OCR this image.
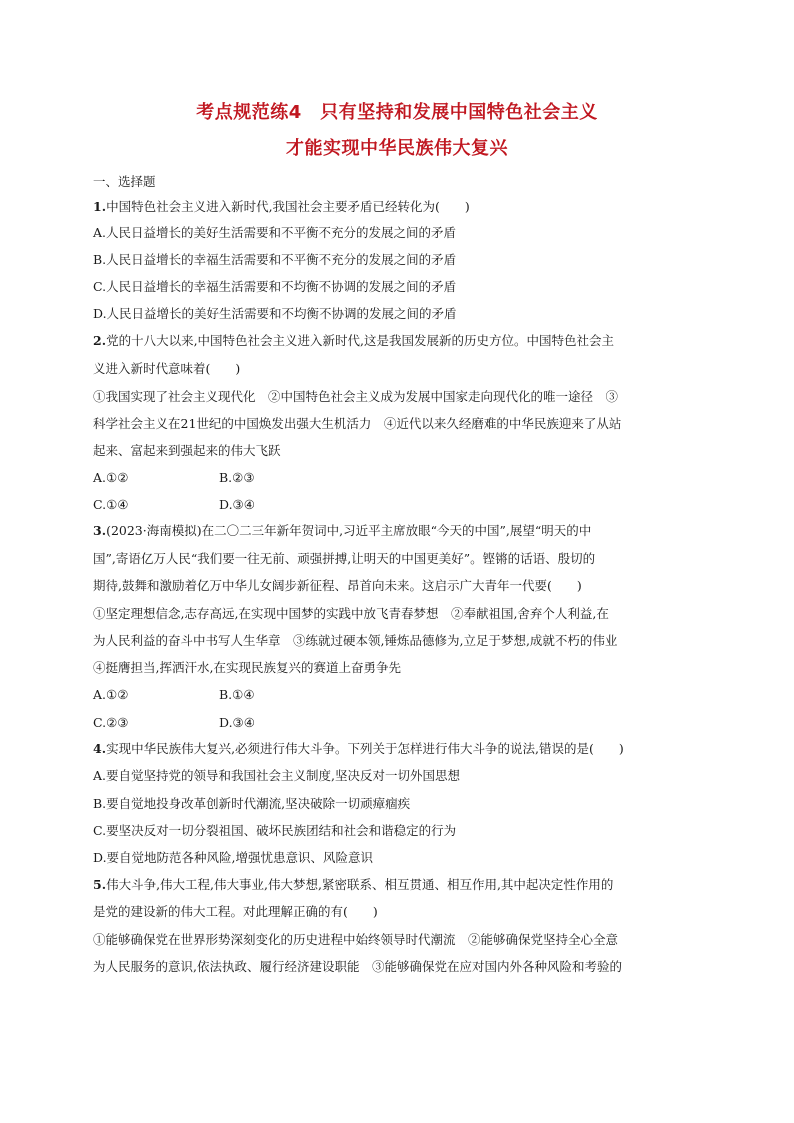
考点规范练4　只有坚持和发展中国特色社会主义
才能实现中华民族伟大复兴
一、选择题
1.中国特色社会主义进入新时代,我国社会主要矛盾已经转化为(　　)
A.人民日益增长的美好生活需要和不平衡不充分的发展之间的矛盾
B.人民日益增长的幸福生活需要和不平衡不充分的发展之间的矛盾
C.人民日益增长的幸福生活需要和不均衡不协调的发展之间的矛盾
D.人民日益增长的美好生活需要和不均衡不协调的发展之间的矛盾
2.党的十八大以来,中国特色社会主义进入新时代,这是我国发展新的历史方位。中国特色社会主
义进入新时代意味着(　　)
①我国实现了社会主义现代化　②中国特色社会主义成为发展中国家走向现代化的唯一途径　③
科学社会主义在21世纪的中国焕发出强大生机活力　④近代以来久经磨难的中华民族迎来了从站
起来、富起来到强起来的伟大飞跃
A.①②	B.②③
C.①④	D.③④
3.(2023·海南模拟)在二〇二三年新年贺词中,习近平主席放眼“今天的中国”,展望“明天的中
国”,寄语亿万人民“我们要一往无前、顽强拼搏,让明天的中国更美好”。铿锵的话语、殷切的
期待,鼓舞和激励着亿万中华儿女阔步新征程、昂首向未来。这启示广大青年一代要(　　)
①坚定理想信念,志存高远,在实现中国梦的实践中放飞青春梦想　②奉献祖国,舍弃个人利益,在
为人民利益的奋斗中书写人生华章　③练就过硬本领,锤炼品德修为,立足于梦想,成就不朽的伟业
④挺膺担当,挥洒汗水,在实现民族复兴的赛道上奋勇争先
A.①②	B.①④
C.②③	D.③④
4.实现中华民族伟大复兴,必须进行伟大斗争。下列关于怎样进行伟大斗争的说法,错误的是(　　)
A.要自觉坚持党的领导和我国社会主义制度,坚决反对一切外国思想
B.要自觉地投身改革创新时代潮流,坚决破除一切顽瘴痼疾
C.要坚决反对一切分裂祖国、破坏民族团结和社会和谐稳定的行为
D.要自觉地防范各种风险,增强忧患意识、风险意识
5.伟大斗争,伟大工程,伟大事业,伟大梦想,紧密联系、相互贯通、相互作用,其中起决定性作用的
是党的建设新的伟大工程。对此理解正确的有(　　)
①能够确保党在世界形势深刻变化的历史进程中始终领导时代潮流　②能够确保党坚持全心全意
为人民服务的意识,依法执政、履行经济建设职能　③能够确保党在应对国内外各种风险和考验的
